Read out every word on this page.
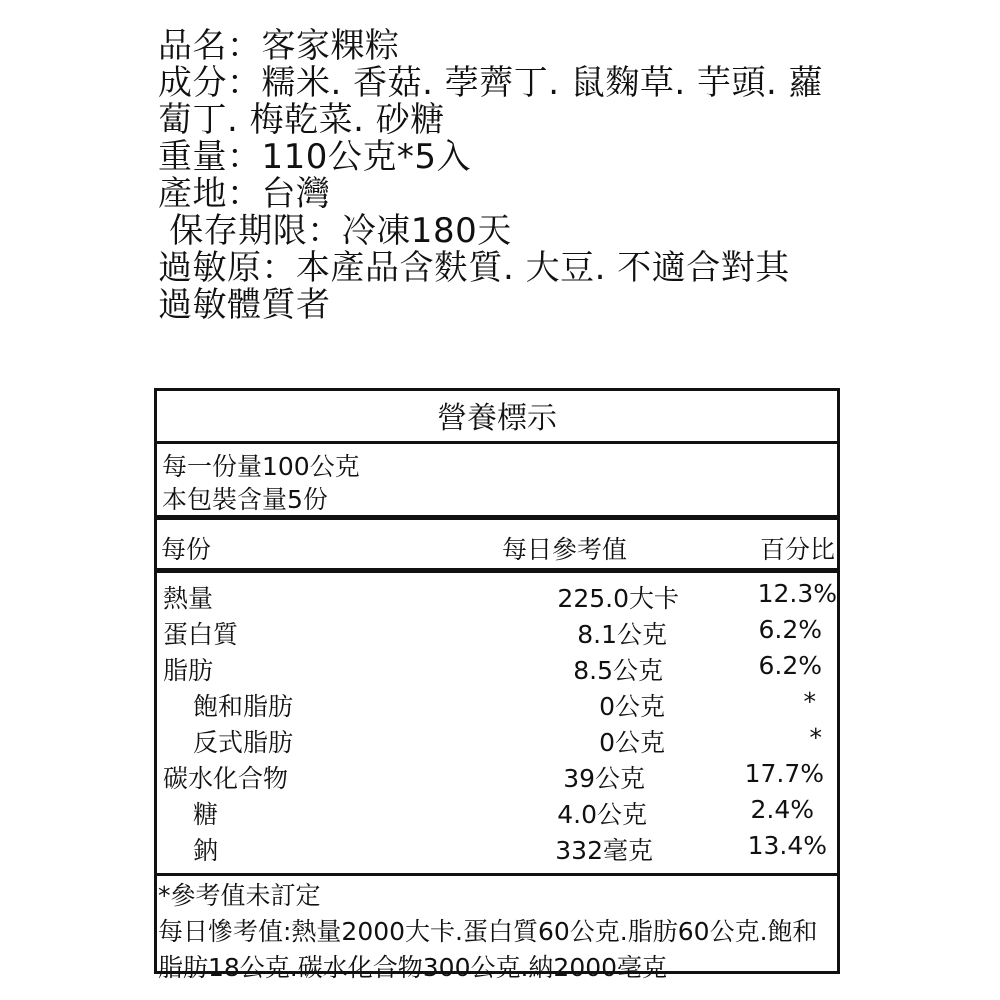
品名：客家粿粽
成分：糯米. 香菇. 荸薺丁. 鼠麴草. 芋頭. 蘿
蔔丁. 梅乾菜. 砂糖
重量：110公克*5入
產地：台灣
保存期限：冷凍180天
過敏原：本產品含麩質. 大豆. 不適合對其
過敏體質者
營養標示
每一份量100公克
本包裝含量5份
每份	每日參考值	百分比
熱量	225.0大卡	12.3%
蛋白質	8.1公克	6.2%
脂肪	8.5公克	6.2%
飽和脂肪	0公克	*
反式脂肪	0公克	*
碳水化合物	39公克	17.7%
糖	4.0公克	2.4%
鈉	332毫克	13.4%
*參考值未訂定
每日慘考值:熱量2000大卡.蛋白質60公克.脂肪60公克.飽和
脂肪18公克.碳水化合物300公克.納2000毫克
